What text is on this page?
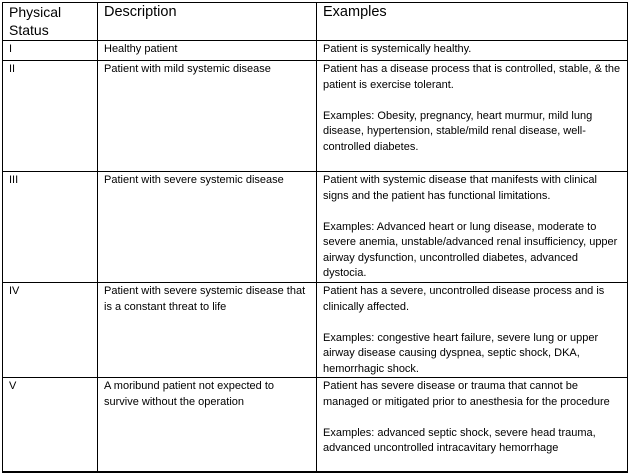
Physical Status	Description	Examples
I	Healthy patient	Patient is systemically healthy.

II	Patient with mild systemic disease	Patient has a disease process that is controlled, stable, & the patient is exercise tolerant.
Examples: Obesity, pregnancy, heart murmur, mild lung disease, hypertension, stable/mild renal disease, well-controlled diabetes.

III	Patient with severe systemic disease	Patient with systemic disease that manifests with clinical signs and the patient has functional limitations.
Examples: Advanced heart or lung disease, moderate to severe anemia, unstable/advanced renal insufficiency, upper airway dysfunction, uncontrolled diabetes, advanced dystocia.

IV	Patient with severe systemic disease that is a constant threat to life	Patient has a severe, uncontrolled disease process and is clinically affected.
Examples: congestive heart failure, severe lung or upper airway disease causing dyspnea, septic shock, DKA, hemorrhagic shock.

V	A moribund patient not expected to survive without the operation	Patient has severe disease or trauma that cannot be managed or mitigated prior to anesthesia for the procedure
Examples: advanced septic shock, severe head trauma, advanced uncontrolled intracavitary hemorrhage
